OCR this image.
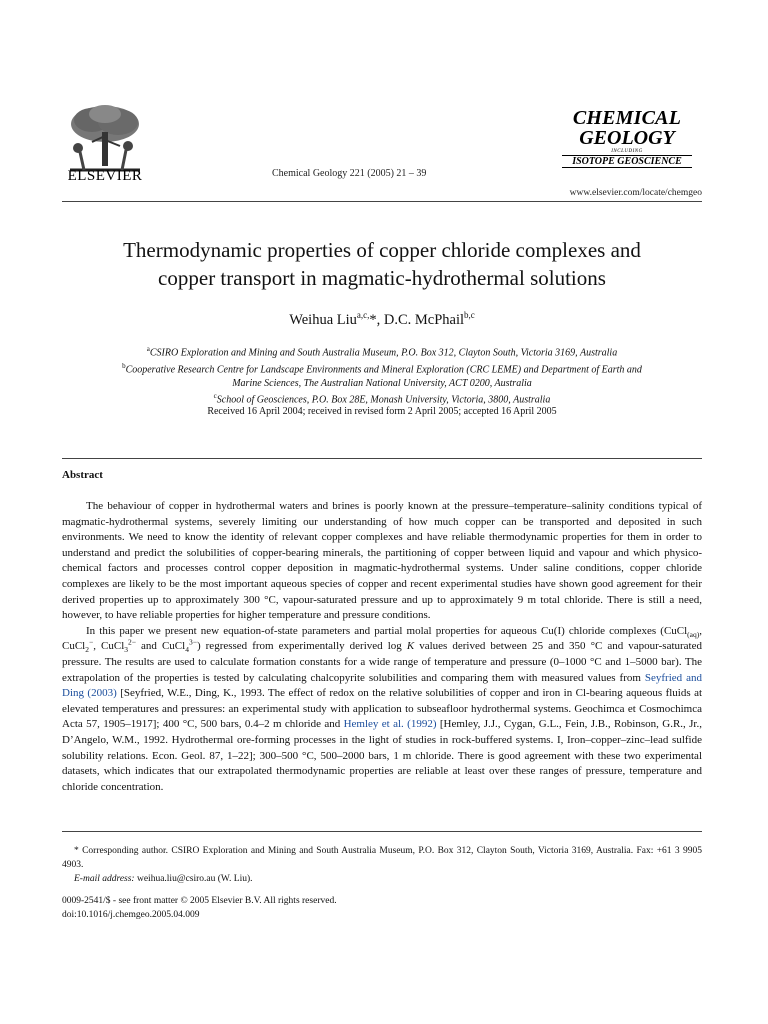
ELSEVIER	Chemical Geology 221 (2005) 21 – 39
CHEMICAL
GEOLOGY
INCLUDING
ISOTOPE GEOSCIENCE
www.elsevier.com/locate/chemgeo
Thermodynamic properties of copper chloride complexes and
copper transport in magmatic-hydrothermal solutions
Weihua Liu$^{a,c,}$*, D.C. McPhail$^{b,c}$
$^a$CSIRO Exploration and Mining and South Australia Museum, P.O. Box 312, Clayton South, Victoria 3169, Australia
$^b$Cooperative Research Centre for Landscape Environments and Mineral Exploration (CRC LEME) and Department of Earth and
Marine Sciences, The Australian National University, ACT 0200, Australia
$^c$School of Geosciences, P.O. Box 28E, Monash University, Victoria, 3800, Australia
Received 16 April 2004; received in revised form 2 April 2005; accepted 16 April 2005
Abstract

The behaviour of copper in hydrothermal waters and brines is poorly known at the pressure–temperature–salinity conditions typical of magmatic-hydrothermal systems, severely limiting our understanding of how much copper can be transported and deposited in such environments. We need to know the identity of relevant copper complexes and have reliable thermodynamic properties for them in order to understand and predict the solubilities of copper-bearing minerals, the partitioning of copper between liquid and vapour and which physico-chemical factors and processes control copper deposition in magmatic-hydrothermal systems. Under saline conditions, copper chloride complexes are likely to be the most important aqueous species of copper and recent experimental studies have shown good agreement for their derived properties up to approximately 300 °C, vapour-saturated pressure and up to approximately 9 m total chloride. There is still a need, however, to have reliable properties for higher temperature and pressure conditions.

In this paper we present new equation-of-state parameters and partial molal properties for aqueous Cu(I) chloride complexes (CuCl$_{(aq)}$, CuCl$_2$−, CuCl$_3^{2-}$ and CuCl$_4^{3-}$) regressed from experimentally derived log K values derived between 25 and 350 °C and vapour-saturated pressure. The results are used to calculate formation constants for a wide range of temperature and pressure (0–1000 °C and 1–5000 bar). The extrapolation of the properties is tested by calculating chalcopyrite solubilities and comparing them with measured values from Seyfried and Ding (2003) [Seyfried, W.E., Ding, K., 1993. The effect of redox on the relative solubilities of copper and iron in Cl-bearing aqueous fluids at elevated temperatures and pressures: an experimental study with application to subseafloor hydrothermal systems. Geochimca et Cosmochimca Acta 57, 1905–1917]; 400 °C, 500 bars, 0.4–2 m chloride and Hemley et al. (1992) [Hemley, J.J., Cygan, G.L., Fein, J.B., Robinson, G.R., Jr., D’Angelo, W.M., 1992. Hydrothermal ore-forming processes in the light of studies in rock-buffered systems. I, Iron–copper–zinc–lead sulfide solubility relations. Econ. Geol. 87, 1–22]; 300–500 °C, 500–2000 bars, 1 m chloride. There is good agreement with these two experimental datasets, which indicates that our extrapolated thermodynamic properties are reliable at least over these ranges of pressure, temperature and chloride concentration.

* Corresponding author. CSIRO Exploration and Mining and South Australia Museum, P.O. Box 312, Clayton South, Victoria 3169, Australia. Fax: +61 3 9905 4903.

E-mail address: weihua.liu@csiro.au (W. Liu).

0009-2541/$ - see front matter © 2005 Elsevier B.V. All rights reserved.
doi:10.1016/j.chemgeo.2005.04.009
